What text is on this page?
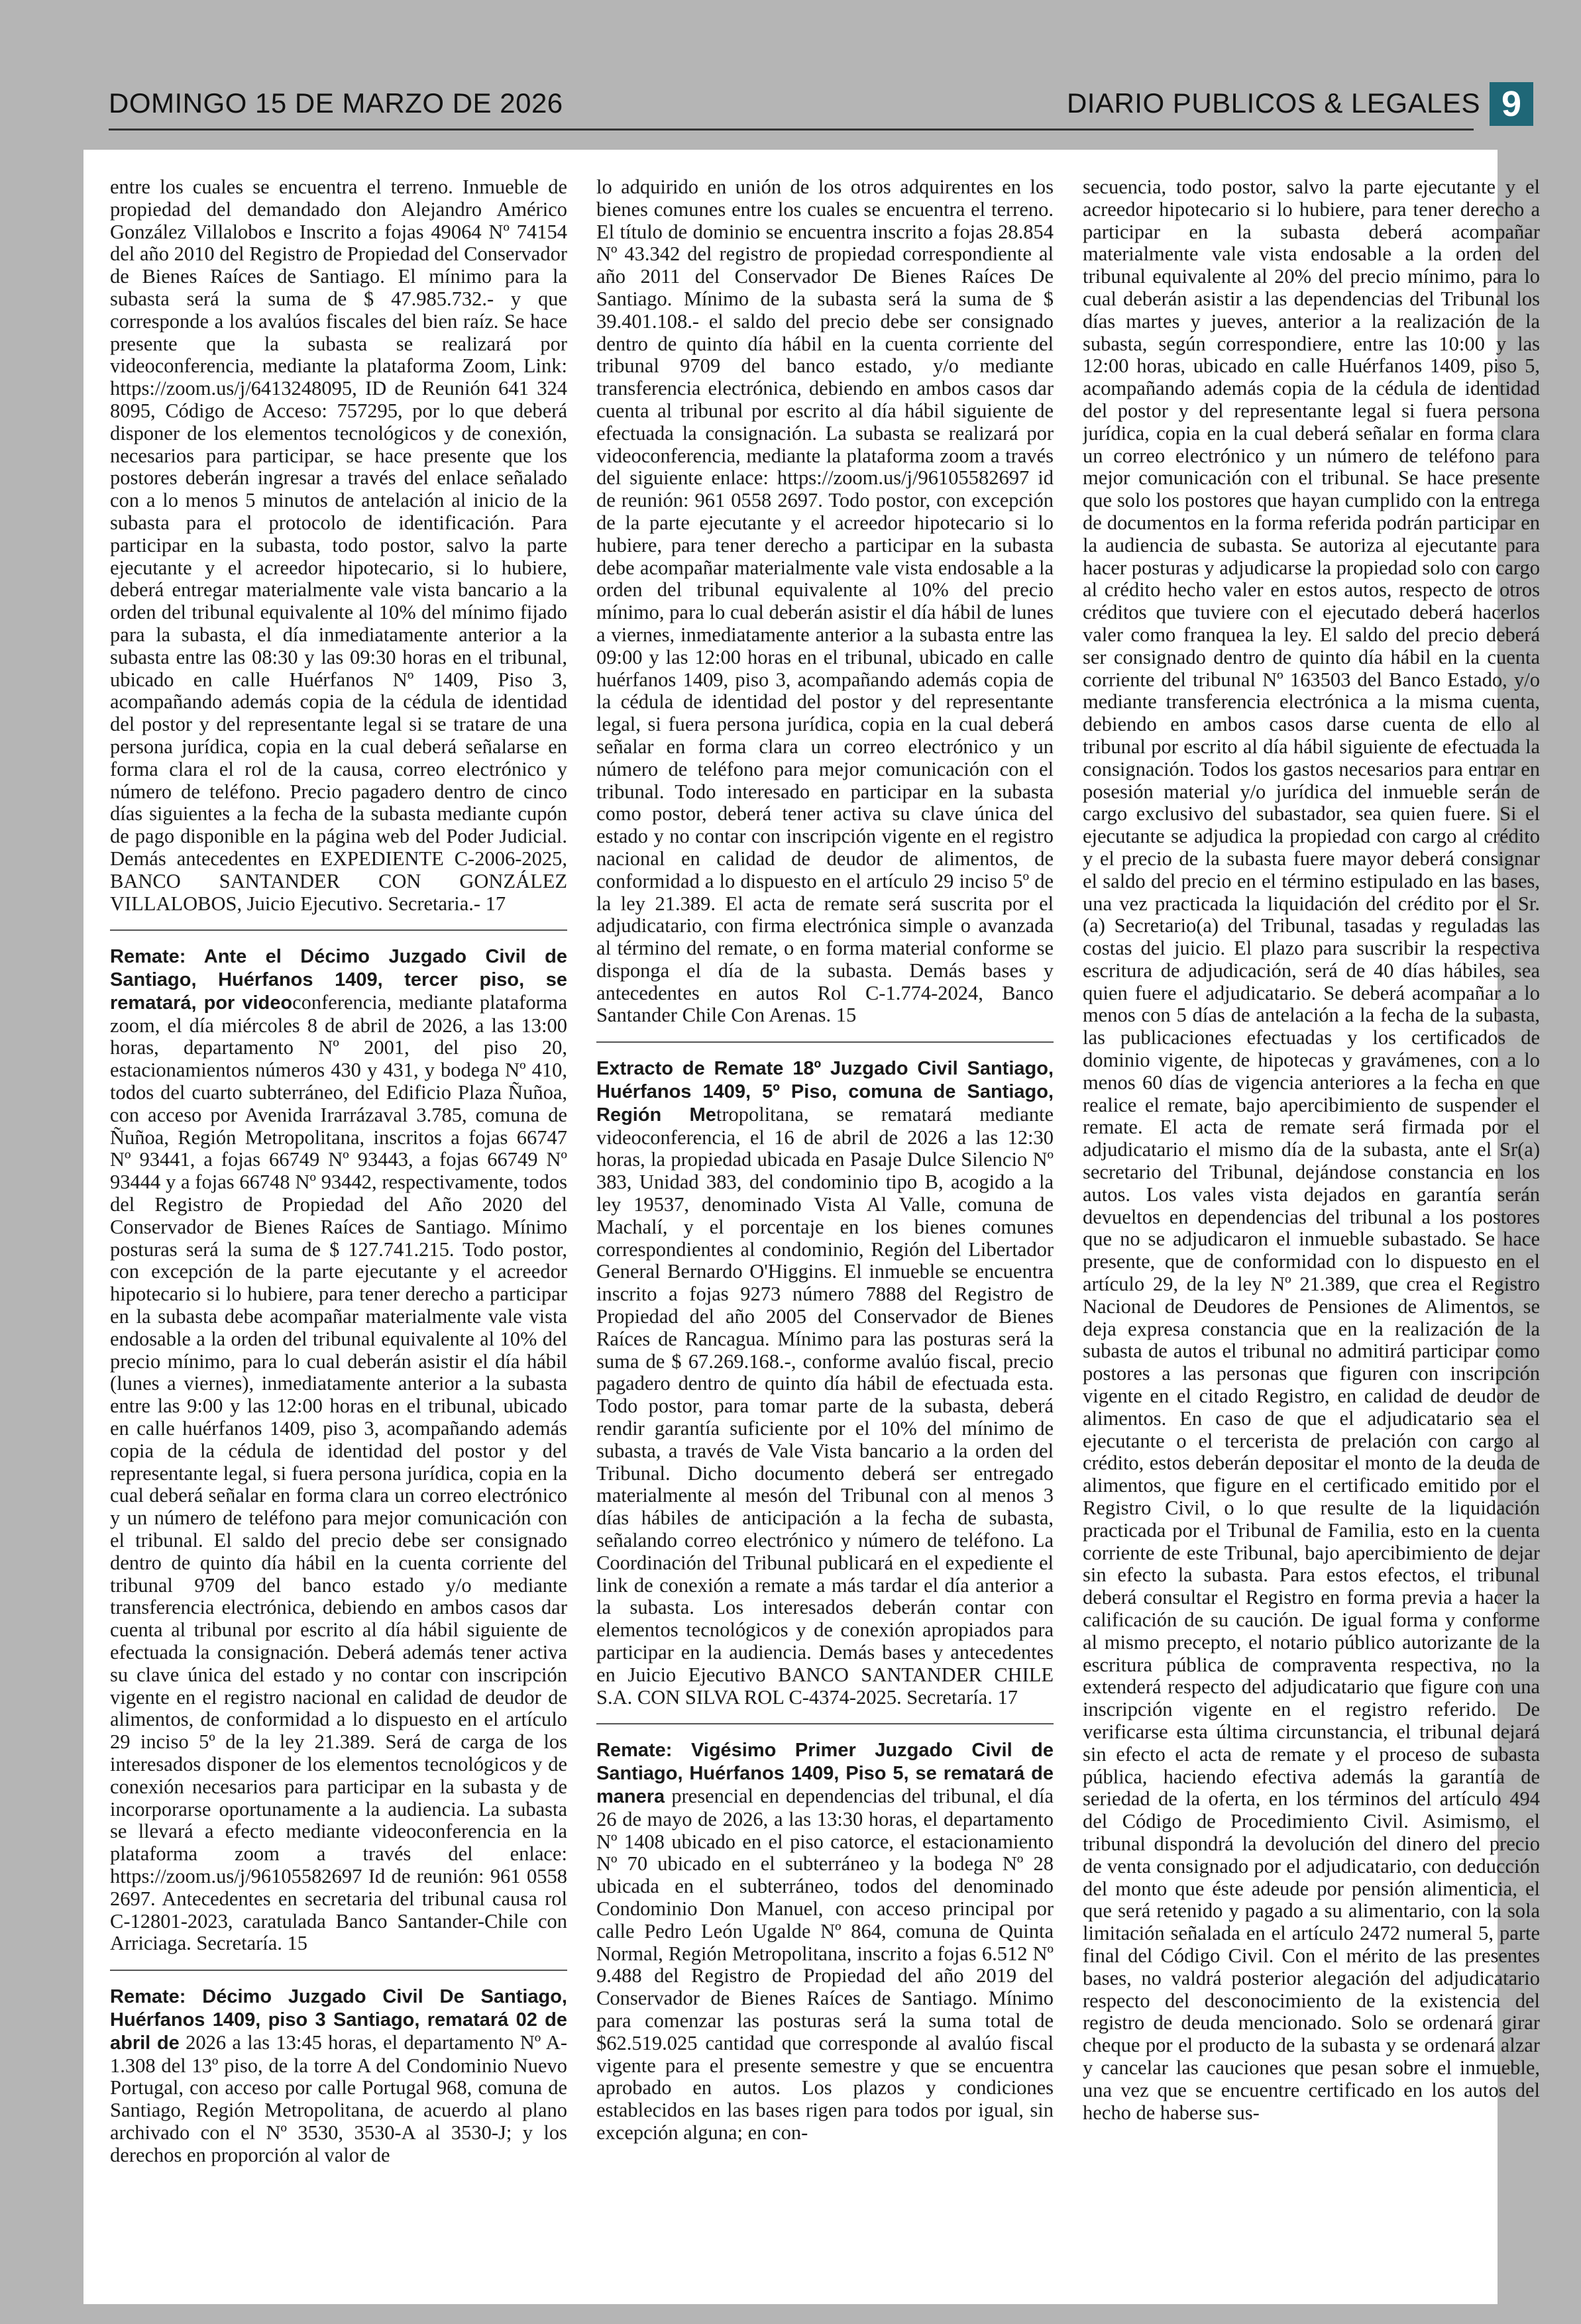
DOMINGO 15 DE MARZO DE 2026	DIARIO PUBLICOS & LEGALES 9

entre los cuales se encuentra el terreno. Inmueble de propiedad del demandado don Alejandro Américo González Villalobos e Inscrito a fojas 49064 Nº 74154 del año 2010 del Registro de Propiedad del Conservador de Bienes Raíces de Santiago. El mínimo para la subasta será la suma de $ 47.985.732.- y que corresponde a los avalúos fiscales del bien raíz. Se hace presente que la subasta se realizará por videoconferencia, mediante la plataforma Zoom, Link: https://zoom.us/j/6413248095, ID de Reunión 641 324 8095, Código de Acceso: 757295, por lo que deberá disponer de los elementos tecnológicos y de conexión, necesarios para participar, se hace presente que los postores deberán ingresar a través del enlace señalado con a lo menos 5 minutos de antelación al inicio de la subasta para el protocolo de identificación. Para participar en la subasta, todo postor, salvo la parte ejecutante y el acreedor hipotecario, si lo hubiere, deberá entregar materialmente vale vista bancario a la orden del tribunal equivalente al 10% del mínimo fijado para la subasta, el día inmediatamente anterior a la subasta entre las 08:30 y las 09:30 horas en el tribunal, ubicado en calle Huérfanos Nº 1409, Piso 3, acompañando además copia de la cédula de identidad del postor y del representante legal si se tratare de una persona jurídica, copia en la cual deberá señalarse en forma clara el rol de la causa, correo electrónico y número de teléfono. Precio pagadero dentro de cinco días siguientes a la fecha de la subasta mediante cupón de pago disponible en la página web del Poder Judicial. Demás antecedentes en EXPEDIENTE C-2006-2025, BANCO SANTANDER CON GONZÁLEZ VILLALOBOS, Juicio Ejecutivo. Secretaria.- 17

Remate: Ante el Décimo Juzgado Civil de Santiago, Huérfanos 1409, tercer piso, se rematará, por videoconferencia, mediante plataforma zoom, el día miércoles 8 de abril de 2026, a las 13:00 horas, departamento Nº 2001, del piso 20, estacionamientos números 430 y 431, y bodega Nº 410, todos del cuarto subterráneo, del Edificio Plaza Ñuñoa, con acceso por Avenida Irarrázaval 3.785, comuna de Ñuñoa, Región Metropolitana, inscritos a fojas 66747 Nº 93441, a fojas 66749 Nº 93443, a fojas 66749 Nº 93444 y a fojas 66748 Nº 93442, respectivamente, todos del Registro de Propiedad del Año 2020 del Conservador de Bienes Raíces de Santiago. Mínimo posturas será la suma de $ 127.741.215. Todo postor, con excepción de la parte ejecutante y el acreedor hipotecario si lo hubiere, para tener derecho a participar en la subasta debe acompañar materialmente vale vista endosable a la orden del tribunal equivalente al 10% del precio mínimo, para lo cual deberán asistir el día hábil (lunes a viernes), inmediatamente anterior a la subasta entre las 9:00 y las 12:00 horas en el tribunal, ubicado en calle huérfanos 1409, piso 3, acompañando además copia de la cédula de identidad del postor y del representante legal, si fuera persona jurídica, copia en la cual deberá señalar en forma clara un correo electrónico y un número de teléfono para mejor comunicación con el tribunal. El saldo del precio debe ser consignado dentro de quinto día hábil en la cuenta corriente del tribunal 9709 del banco estado y/o mediante transferencia electrónica, debiendo en ambos casos dar cuenta al tribunal por escrito al día hábil siguiente de efectuada la consignación. Deberá además tener activa su clave única del estado y no contar con inscripción vigente en el registro nacional en calidad de deudor de alimentos, de conformidad a lo dispuesto en el artículo 29 inciso 5º de la ley 21.389. Será de carga de los interesados disponer de los elementos tecnológicos y de conexión necesarios para participar en la subasta y de incorporarse oportunamente a la audiencia. La subasta se llevará a efecto mediante videoconferencia en la plataforma zoom a través del enlace: https://zoom.us/j/96105582697 Id de reunión: 961 0558 2697. Antecedentes en secretaria del tribunal causa rol C-12801-2023, caratulada Banco Santander-Chile con Arriciaga. Secretaría. 15

Remate: Décimo Juzgado Civil De Santiago, Huérfanos 1409, piso 3 Santiago, rematará 02 de abril de 2026 a las 13:45 horas, el departamento Nº A-1.308 del 13º piso, de la torre A del Condominio Nuevo Portugal, con acceso por calle Portugal 968, comuna de Santiago, Región Metropolitana, de acuerdo al plano archivado con el Nº 3530, 3530-A al 3530-J; y los derechos en proporción al valor de

lo adquirido en unión de los otros adquirentes en los bienes comunes entre los cuales se encuentra el terreno. El título de dominio se encuentra inscrito a fojas 28.854 Nº 43.342 del registro de propiedad correspondiente al año 2011 del Conservador De Bienes Raíces De Santiago. Mínimo de la subasta será la suma de $ 39.401.108.- el saldo del precio debe ser consignado dentro de quinto día hábil en la cuenta corriente del tribunal 9709 del banco estado, y/o mediante transferencia electrónica, debiendo en ambos casos dar cuenta al tribunal por escrito al día hábil siguiente de efectuada la consignación. La subasta se realizará por videoconferencia, mediante la plataforma zoom a través del siguiente enlace: https://zoom.us/j/96105582697 id de reunión: 961 0558 2697. Todo postor, con excepción de la parte ejecutante y el acreedor hipotecario si lo hubiere, para tener derecho a participar en la subasta debe acompañar materialmente vale vista endosable a la orden del tribunal equivalente al 10% del precio mínimo, para lo cual deberán asistir el día hábil de lunes a viernes, inmediatamente anterior a la subasta entre las 09:00 y las 12:00 horas en el tribunal, ubicado en calle huérfanos 1409, piso 3, acompañando además copia de la cédula de identidad del postor y del representante legal, si fuera persona jurídica, copia en la cual deberá señalar en forma clara un correo electrónico y un número de teléfono para mejor comunicación con el tribunal. Todo interesado en participar en la subasta como postor, deberá tener activa su clave única del estado y no contar con inscripción vigente en el registro nacional en calidad de deudor de alimentos, de conformidad a lo dispuesto en el artículo 29 inciso 5º de la ley 21.389. El acta de remate será suscrita por el adjudicatario, con firma electrónica simple o avanzada al término del remate, o en forma material conforme se disponga el día de la subasta. Demás bases y antecedentes en autos Rol C-1.774-2024, Banco Santander Chile Con Arenas. 15

Extracto de Remate 18º Juzgado Civil Santiago, Huérfanos 1409, 5º Piso, comuna de Santiago, Región Metropolitana, se rematará mediante videoconferencia, el 16 de abril de 2026 a las 12:30 horas, la propiedad ubicada en Pasaje Dulce Silencio Nº 383, Unidad 383, del condominio tipo B, acogido a la ley 19537, denominado Vista Al Valle, comuna de Machalí, y el porcentaje en los bienes comunes correspondientes al condominio, Región del Libertador General Bernardo O'Higgins. El inmueble se encuentra inscrito a fojas 9273 número 7888 del Registro de Propiedad del año 2005 del Conservador de Bienes Raíces de Rancagua. Mínimo para las posturas será la suma de $ 67.269.168.-, conforme avalúo fiscal, precio pagadero dentro de quinto día hábil de efectuada esta. Todo postor, para tomar parte de la subasta, deberá rendir garantía suficiente por el 10% del mínimo de subasta, a través de Vale Vista bancario a la orden del Tribunal. Dicho documento deberá ser entregado materialmente al mesón del Tribunal con al menos 3 días hábiles de anticipación a la fecha de subasta, señalando correo electrónico y número de teléfono. La Coordinación del Tribunal publicará en el expediente el link de conexión a remate a más tardar el día anterior a la subasta. Los interesados deberán contar con elementos tecnológicos y de conexión apropiados para participar en la audiencia. Demás bases y antecedentes en Juicio Ejecutivo BANCO SANTANDER CHILE S.A. CON SILVA ROL C-4374-2025. Secretaría. 17

Remate: Vigésimo Primer Juzgado Civil de Santiago, Huérfanos 1409, Piso 5, se rematará de manera presencial en dependencias del tribunal, el día 26 de mayo de 2026, a las 13:30 horas, el departamento Nº 1408 ubicado en el piso catorce, el estacionamiento Nº 70 ubicado en el subterráneo y la bodega Nº 28 ubicada en el subterráneo, todos del denominado Condominio Don Manuel, con acceso principal por calle Pedro León Ugalde Nº 864, comuna de Quinta Normal, Región Metropolitana, inscrito a fojas 6.512 Nº 9.488 del Registro de Propiedad del año 2019 del Conservador de Bienes Raíces de Santiago. Mínimo para comenzar las posturas será la suma total de $62.519.025 cantidad que corresponde al avalúo fiscal vigente para el presente semestre y que se encuentra aprobado en autos. Los plazos y condiciones establecidos en las bases rigen para todos por igual, sin excepción alguna; en con-

secuencia, todo postor, salvo la parte ejecutante y el acreedor hipotecario si lo hubiere, para tener derecho a participar en la subasta deberá acompañar materialmente vale vista endosable a la orden del tribunal equivalente al 20% del precio mínimo, para lo cual deberán asistir a las dependencias del Tribunal los días martes y jueves, anterior a la realización de la subasta, según correspondiere, entre las 10:00 y las 12:00 horas, ubicado en calle Huérfanos 1409, piso 5, acompañando además copia de la cédula de identidad del postor y del representante legal si fuera persona jurídica, copia en la cual deberá señalar en forma clara un correo electrónico y un número de teléfono para mejor comunicación con el tribunal. Se hace presente que solo los postores que hayan cumplido con la entrega de documentos en la forma referida podrán participar en la audiencia de subasta. Se autoriza al ejecutante para hacer posturas y adjudicarse la propiedad solo con cargo al crédito hecho valer en estos autos, respecto de otros créditos que tuviere con el ejecutado deberá hacerlos valer como franquea la ley. El saldo del precio deberá ser consignado dentro de quinto día hábil en la cuenta corriente del tribunal Nº 163503 del Banco Estado, y/o mediante transferencia electrónica a la misma cuenta, debiendo en ambos casos darse cuenta de ello al tribunal por escrito al día hábil siguiente de efectuada la consignación. Todos los gastos necesarios para entrar en posesión material y/o jurídica del inmueble serán de cargo exclusivo del subastador, sea quien fuere. Si el ejecutante se adjudica la propiedad con cargo al crédito y el precio de la subasta fuere mayor deberá consignar el saldo del precio en el término estipulado en las bases, una vez practicada la liquidación del crédito por el Sr. (a) Secretario(a) del Tribunal, tasadas y reguladas las costas del juicio. El plazo para suscribir la respectiva escritura de adjudicación, será de 40 días hábiles, sea quien fuere el adjudicatario. Se deberá acompañar a lo menos con 5 días de antelación a la fecha de la subasta, las publicaciones efectuadas y los certificados de dominio vigente, de hipotecas y gravámenes, con a lo menos 60 días de vigencia anteriores a la fecha en que realice el remate, bajo apercibimiento de suspender el remate. El acta de remate será firmada por el adjudicatario el mismo día de la subasta, ante el Sr(a) secretario del Tribunal, dejándose constancia en los autos. Los vales vista dejados en garantía serán devueltos en dependencias del tribunal a los postores que no se adjudicaron el inmueble subastado. Se hace presente, que de conformidad con lo dispuesto en el artículo 29, de la ley Nº 21.389, que crea el Registro Nacional de Deudores de Pensiones de Alimentos, se deja expresa constancia que en la realización de la subasta de autos el tribunal no admitirá participar como postores a las personas que figuren con inscripción vigente en el citado Registro, en calidad de deudor de alimentos. En caso de que el adjudicatario sea el ejecutante o el tercerista de prelación con cargo al crédito, estos deberán depositar el monto de la deuda de alimentos, que figure en el certificado emitido por el Registro Civil, o lo que resulte de la liquidación practicada por el Tribunal de Familia, esto en la cuenta corriente de este Tribunal, bajo apercibimiento de dejar sin efecto la subasta. Para estos efectos, el tribunal deberá consultar el Registro en forma previa a hacer la calificación de su caución. De igual forma y conforme al mismo precepto, el notario público autorizante de la escritura pública de compraventa respectiva, no la extenderá respecto del adjudicatario que figure con una inscripción vigente en el registro referido. De verificarse esta última circunstancia, el tribunal dejará sin efecto el acta de remate y el proceso de subasta pública, haciendo efectiva además la garantía de seriedad de la oferta, en los términos del artículo 494 del Código de Procedimiento Civil. Asimismo, el tribunal dispondrá la devolución del dinero del precio de venta consignado por el adjudicatario, con deducción del monto que éste adeude por pensión alimenticia, el que será retenido y pagado a su alimentario, con la sola limitación señalada en el artículo 2472 numeral 5, parte final del Código Civil. Con el mérito de las presentes bases, no valdrá posterior alegación del adjudicatario respecto del desconocimiento de la existencia del registro de deuda mencionado. Solo se ordenará girar cheque por el producto de la subasta y se ordenará alzar y cancelar las cauciones que pesan sobre el inmueble, una vez que se encuentre certificado en los autos del hecho de haberse sus-
